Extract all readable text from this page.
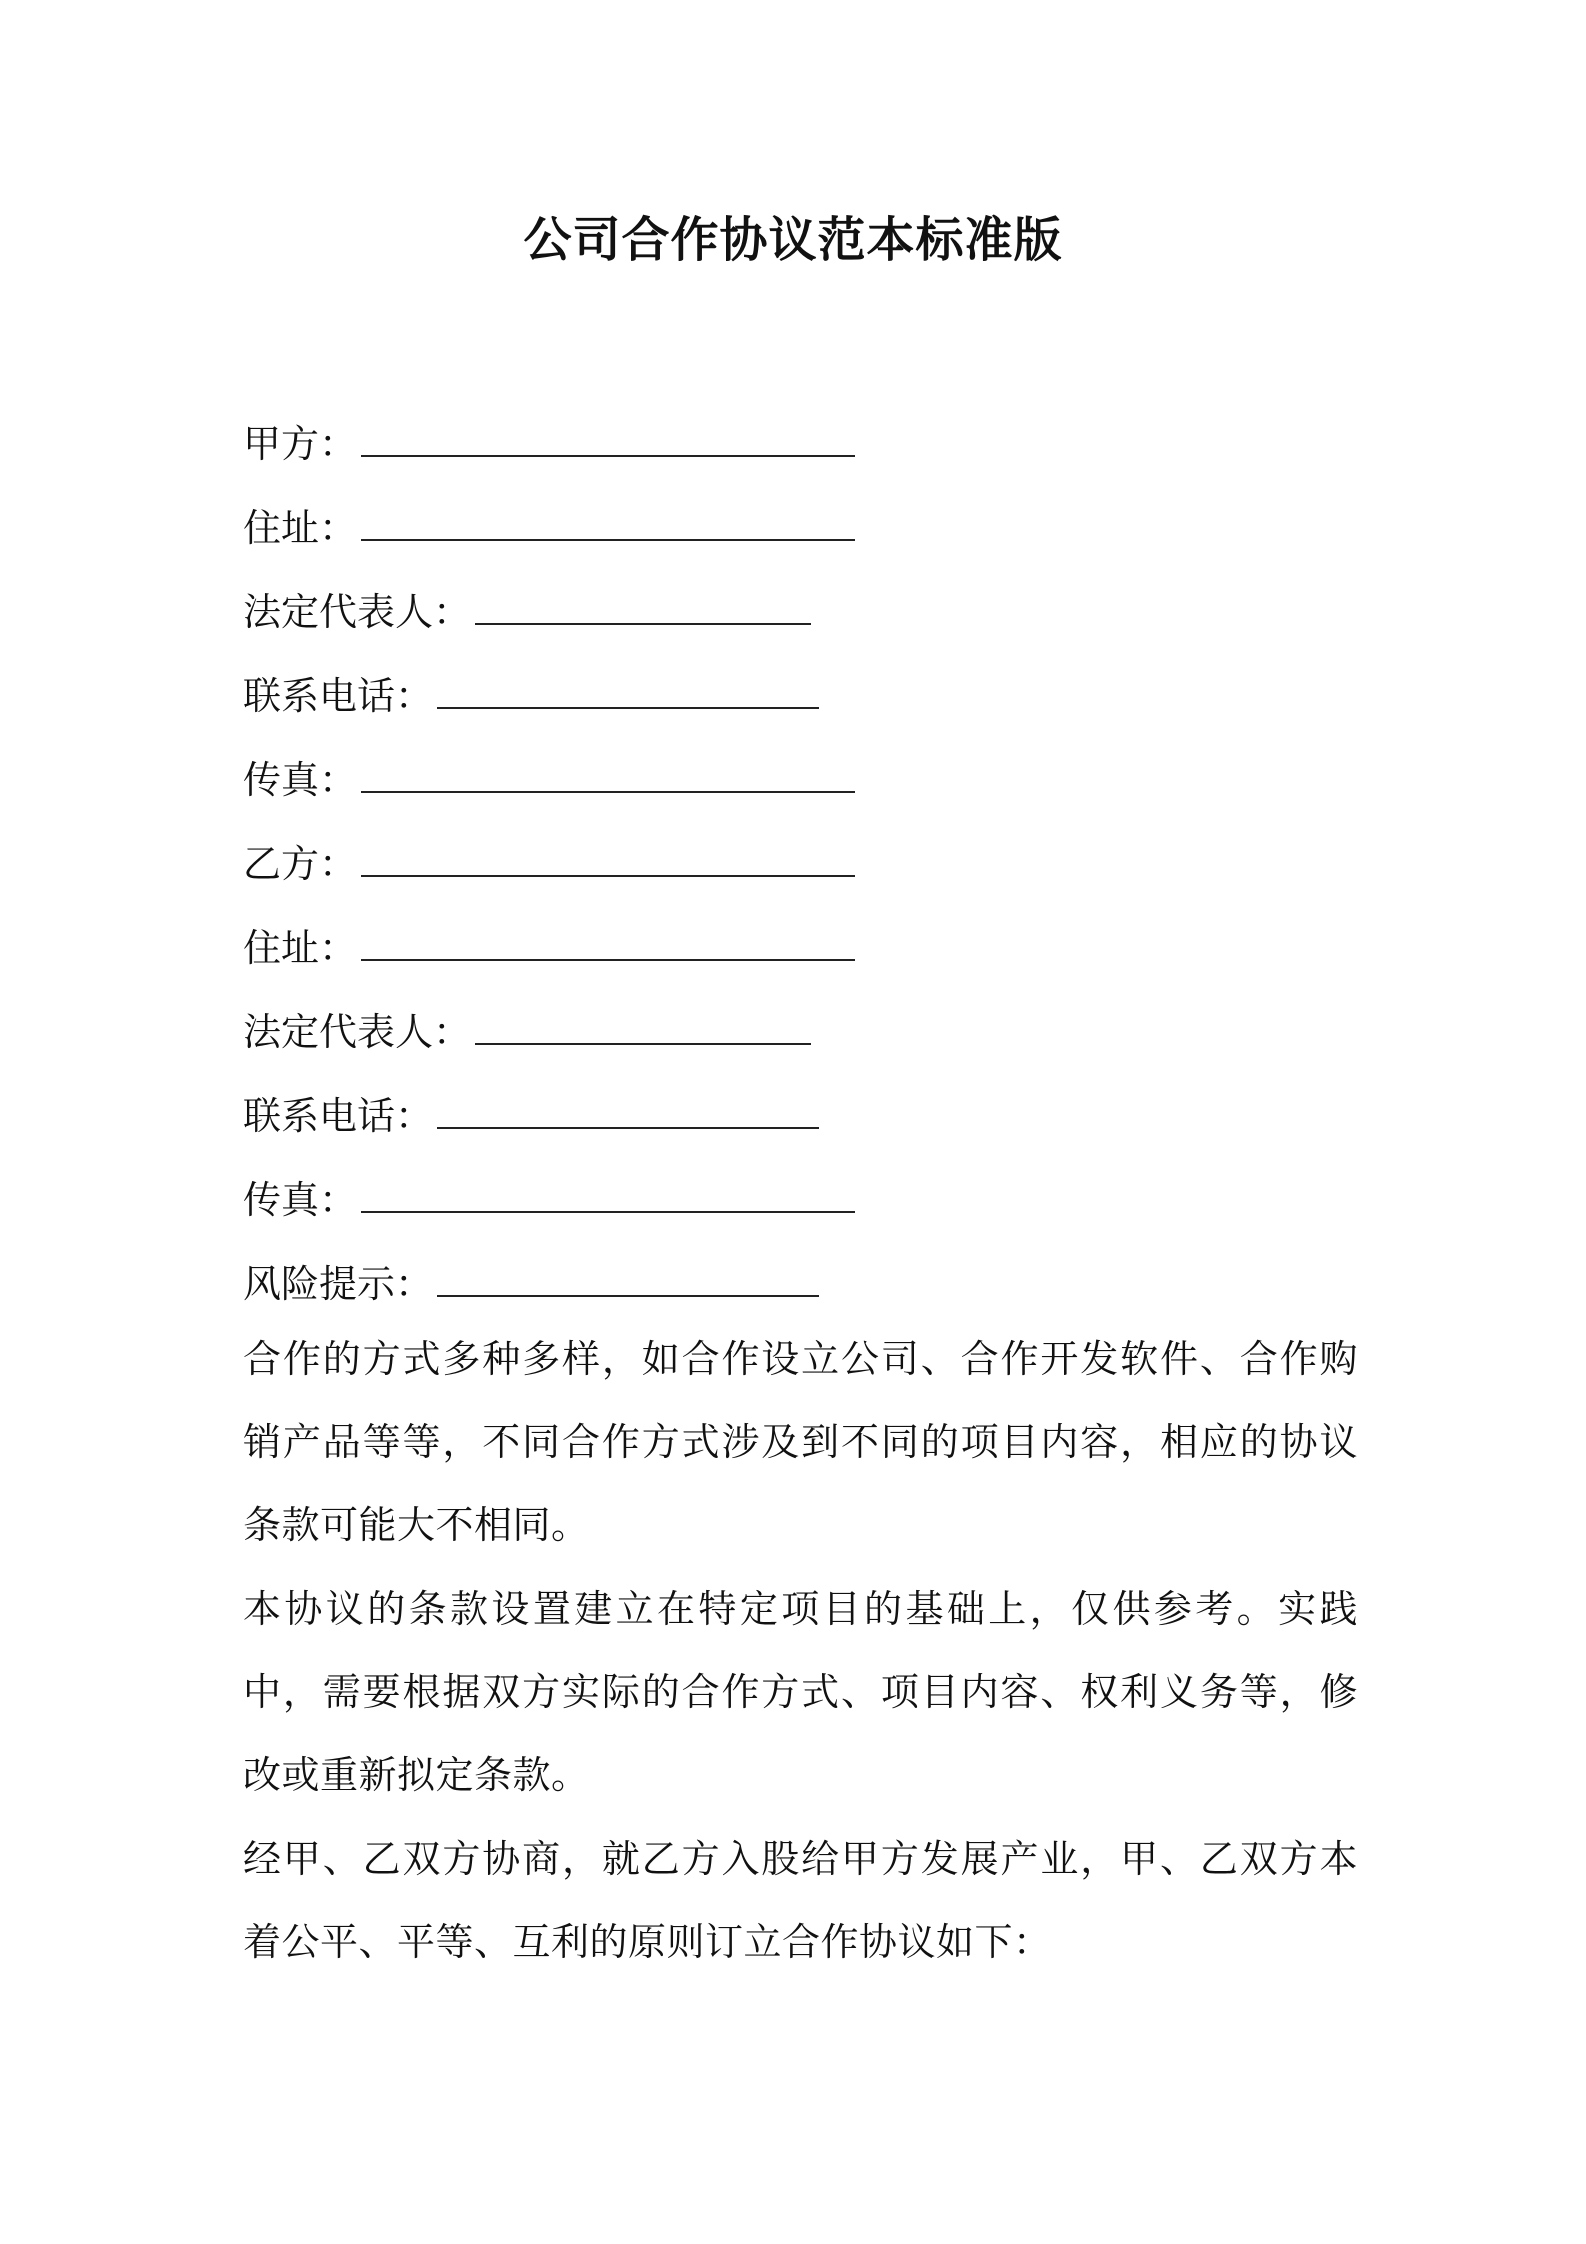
公司合作协议范本标准版
甲方：
住址：
法定代表人：
联系电话：
传真：
乙方：
住址：
法定代表人：
联系电话：
传真：
风险提示：

合作的方式多种多样，如合作设立公司、合作开发软件、合作购销产品等等，不同合作方式涉及到不同的项目内容，相应的协议条款可能大不相同。

本协议的条款设置建立在特定项目的基础上，仅供参考。实践中，需要根据双方实际的合作方式、项目内容、权利义务等，修改或重新拟定条款。

经甲、乙双方协商，就乙方入股给甲方发展产业，甲、乙双方本着公平、平等、互利的原则订立合作协议如下：
